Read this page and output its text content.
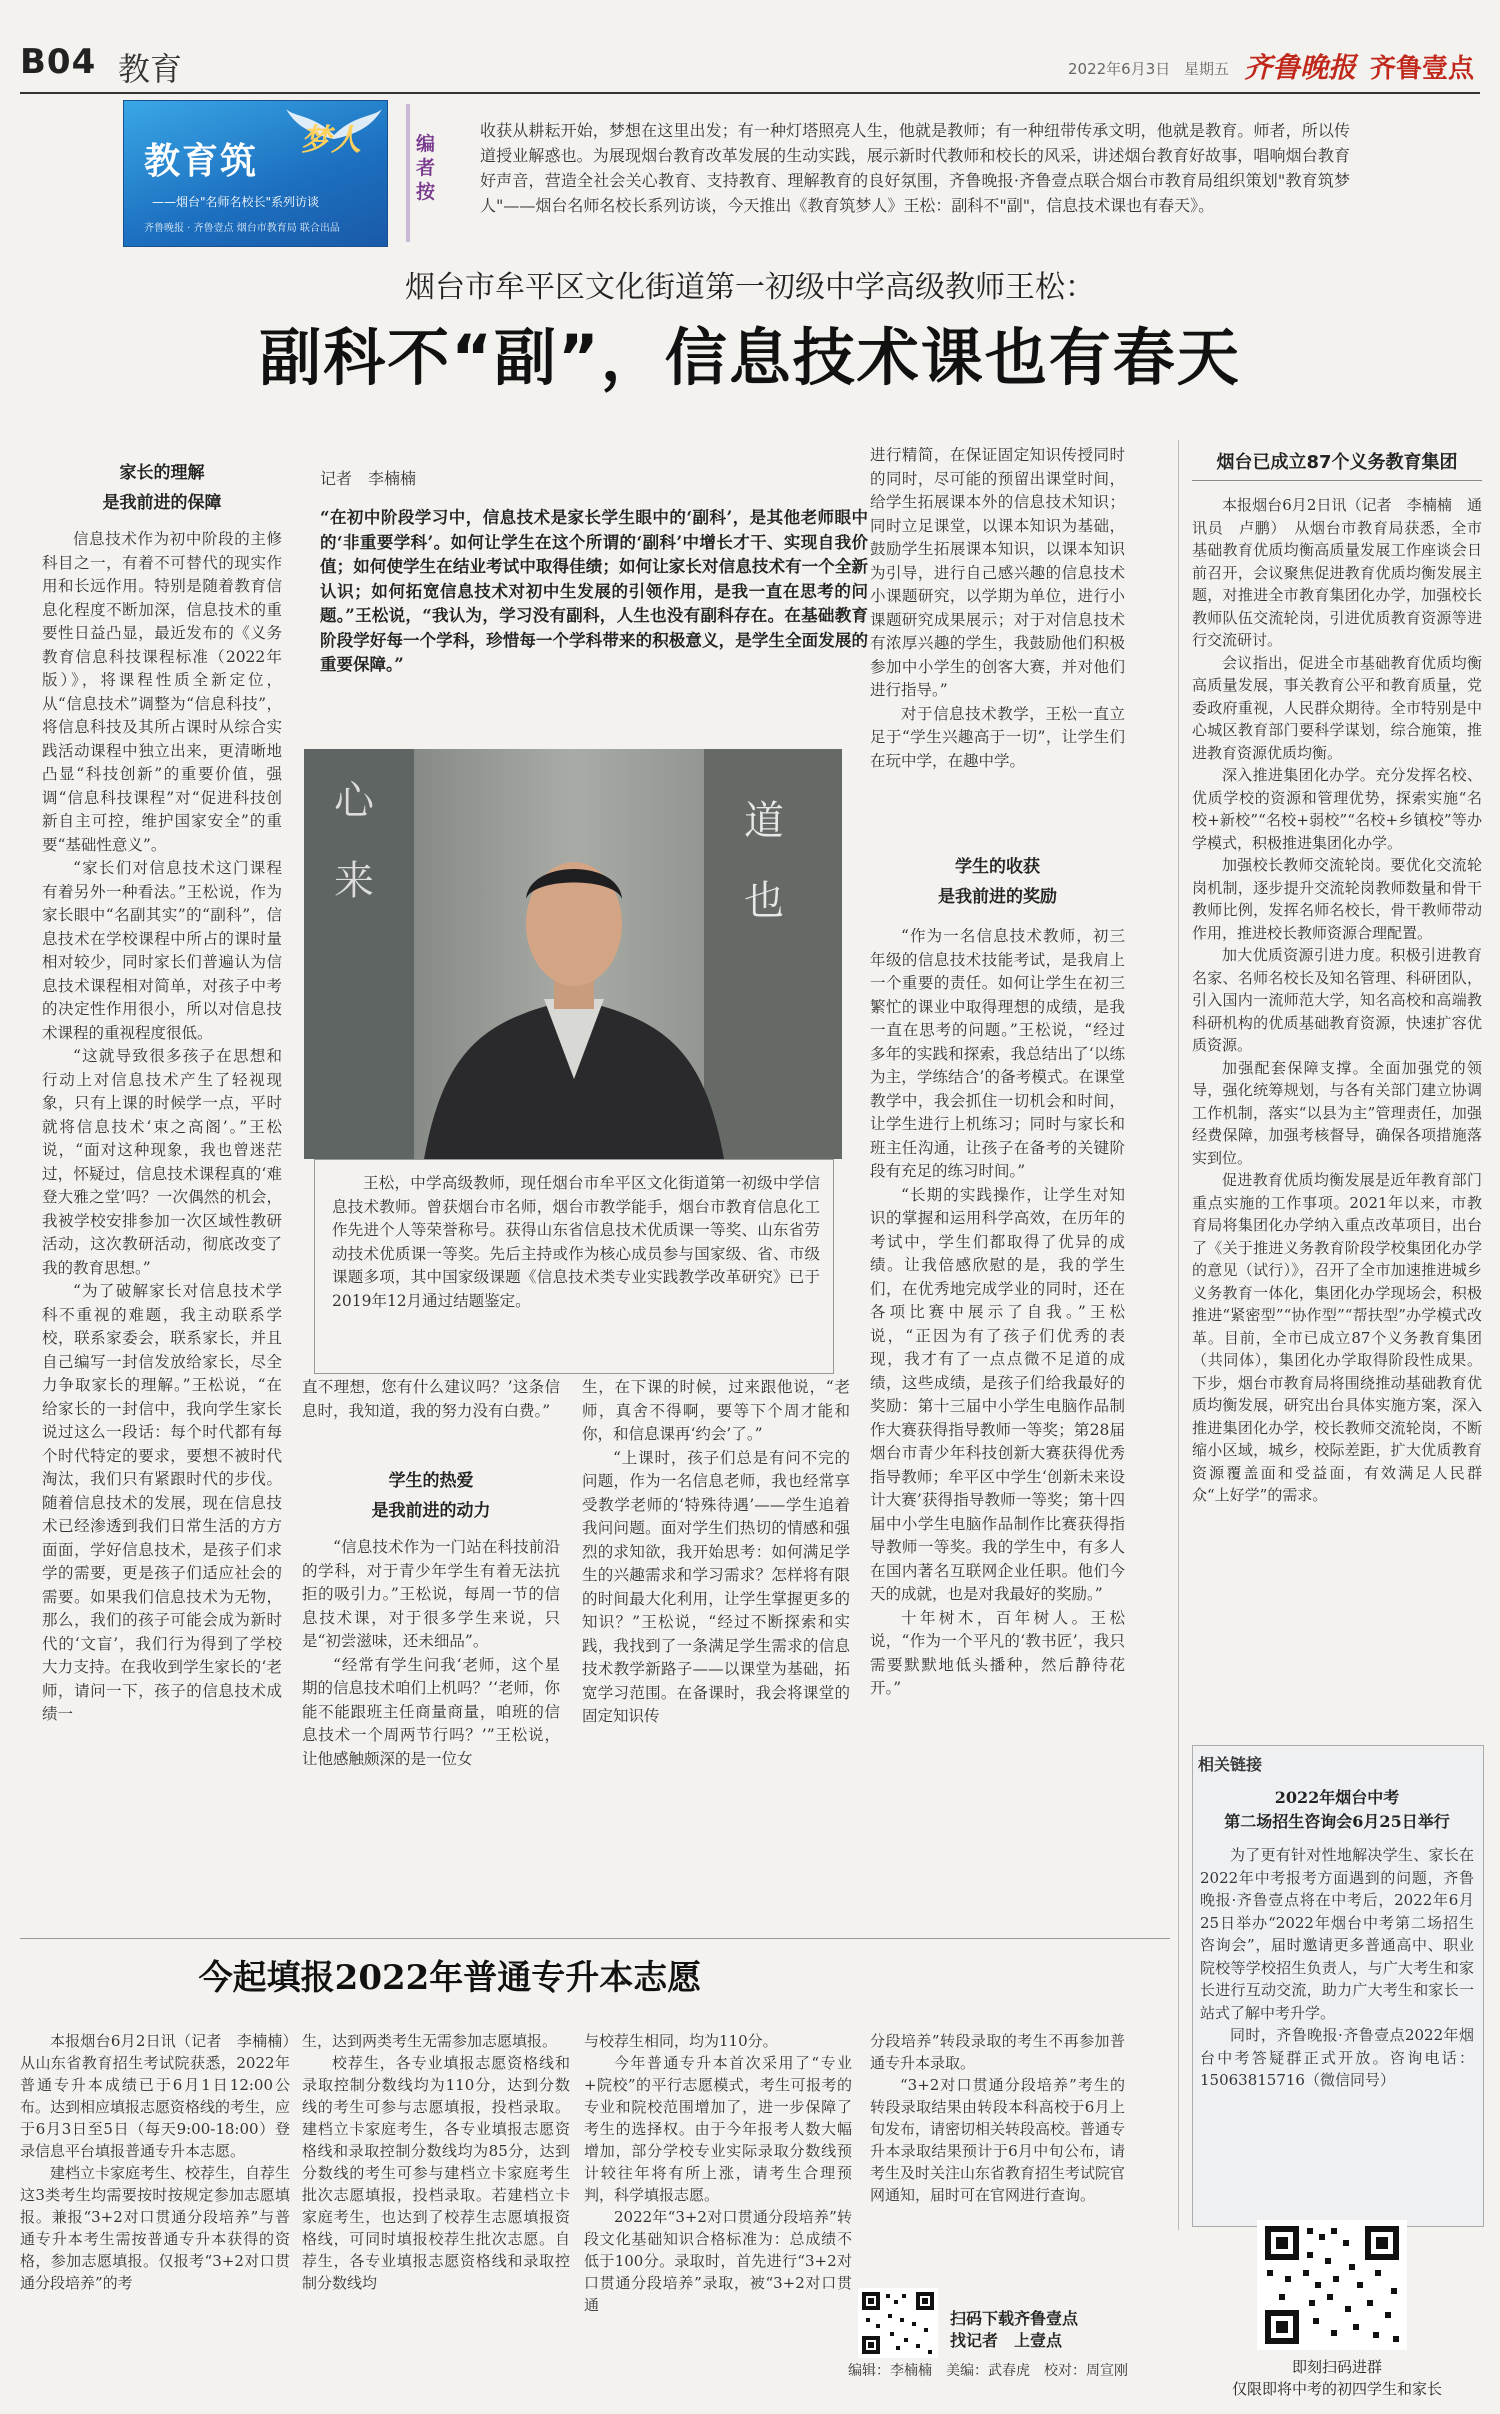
B04 教育	2022年6月3日 星期五 齐鲁晚报 齐鲁壹点
教育筑
梦人
——烟台"名师名校长"系列访谈
齐鲁晚报 · 齐鲁壹点 烟台市教育局 联合出品
编者按
收获从耕耘开始，梦想在这里出发；有一种灯塔照亮人生，他就是教师；有一种纽带传承文明，他就是教育。师者，所以传道授业解惑也。为展现烟台教育改革发展的生动实践，展示新时代教师和校长的风采，讲述烟台教育好故事，唱响烟台教育好声音，营造全社会关心教育、支持教育、理解教育的良好氛围，齐鲁晚报·齐鲁壹点联合烟台市教育局组织策划"教育筑梦人"——烟台名师名校长系列访谈，今天推出《教育筑梦人》王松：副科不"副"，信息技术课也有春天》。
烟台市牟平区文化街道第一初级中学高级教师王松：
副科不“副”，信息技术课也有春天
家长的理解
是我前进的保障

信息技术作为初中阶段的主修科目之一，有着不可替代的现实作用和长远作用。特别是随着教育信息化程度不断加深，信息技术的重要性日益凸显，最近发布的《义务教育信息科技课程标准（2022年版）》，将课程性质全新定位，从“信息技术”调整为“信息科技”，将信息科技及其所占课时从综合实践活动课程中独立出来，更清晰地凸显“科技创新”的重要价值，强调“信息科技课程”对“促进科技创新自主可控，维护国家安全”的重要“基础性意义”。

“家长们对信息技术这门课程有着另外一种看法。”王松说，作为家长眼中“名副其实”的“副科”，信息技术在学校课程中所占的课时量相对较少，同时家长们普遍认为信息技术课程相对简单，对孩子中考的决定性作用很小，所以对信息技术课程的重视程度很低。

“这就导致很多孩子在思想和行动上对信息技术产生了轻视现象，只有上课的时候学一点，平时就将信息技术‘束之高阁’。”王松说，“面对这种现象，我也曾迷茫过，怀疑过，信息技术课程真的‘难登大雅之堂’吗？一次偶然的机会，我被学校安排参加一次区域性教研活动，这次教研活动，彻底改变了我的教育思想。”

“为了破解家长对信息技术学科不重视的难题，我主动联系学校，联系家委会，联系家长，并且自己编写一封信发放给家长，尽全力争取家长的理解。”王松说，“在给家长的一封信中，我向学生家长说过这么一段话：每个时代都有每个时代特定的要求，要想不被时代淘汰，我们只有紧跟时代的步伐。随着信息技术的发展，现在信息技术已经渗透到我们日常生活的方方面面，学好信息技术，是孩子们求学的需要，更是孩子们适应社会的需要。如果我们信息技术为无物，那么，我们的孩子可能会成为新时代的‘文盲’，我们行为得到了学校大力支持。在我收到学生家长的‘老师，请问一下，孩子的信息技术成绩一

记者　李楠楠
“在初中阶段学习中，信息技术是家长学生眼中的‘副科’，是其他老师眼中的‘非重要学科’。如何让学生在这个所谓的‘副科’中增长才干、实现自我价值；如何使学生在结业考试中取得佳绩；如何让家长对信息技术有一个全新认识；如何拓宽信息技术对初中生发展的引领作用，是我一直在思考的问题。”王松说，“我认为，学习没有副科，人生也没有副科存在。在基础教育阶段学好每一个学科，珍惜每一个学科带来的积极意义，是学生全面发展的重要保障。”
心
来
道
也
王松，中学高级教师，现任烟台市牟平区文化街道第一初级中学信息技术教师。曾获烟台市名师，烟台市教学能手，烟台市教育信息化工作先进个人等荣誉称号。获得山东省信息技术优质课一等奖、山东省劳动技术优质课一等奖。先后主持或作为核心成员参与国家级、省、市级课题多项，其中国家级课题《信息技术类专业实践教学改革研究》已于2019年12月通过结题鉴定。

进行精简，在保证固定知识传授同时的同时，尽可能的预留出课堂时间，给学生拓展课本外的信息技术知识；同时立足课堂，以课本知识为基础，鼓励学生拓展课本知识，以课本知识为引导，进行自己感兴趣的信息技术小课题研究，以学期为单位，进行小课题研究成果展示；对于对信息技术有浓厚兴趣的学生，我鼓励他们积极参加中小学生的创客大赛，并对他们进行指导。”

对于信息技术教学，王松一直立足于“学生兴趣高于一切”，让学生们在玩中学，在趣中学。

学生的收获
是我前进的奖励

“作为一名信息技术教师，初三年级的信息技术技能考试，是我肩上一个重要的责任。如何让学生在初三繁忙的课业中取得理想的成绩，是我一直在思考的问题。”王松说，“经过多年的实践和探索，我总结出了‘以练为主，学练结合’的备考模式。在课堂教学中，我会抓住一切机会和时间，让学生进行上机练习；同时与家长和班主任沟通，让孩子在备考的关键阶段有充足的练习时间。”

“长期的实践操作，让学生对知识的掌握和运用科学高效，在历年的考试中，学生们都取得了优异的成绩。让我倍感欣慰的是，我的学生们，在优秀地完成学业的同时，还在各项比赛中展示了自我。”王松说，“正因为有了孩子们优秀的表现，我才有了一点点微不足道的成绩，这些成绩，是孩子们给我最好的奖励：第十三届中小学生电脑作品制作大赛获得指导教师一等奖；第28届烟台市青少年科技创新大赛获得优秀指导教师；牟平区中学生‘创新未来设计大赛’获得指导教师一等奖；第十四届中小学生电脑作品制作比赛获得指导教师一等奖。我的学生中，有多人在国内著名互联网企业任职。他们今天的成就，也是对我最好的奖励。”

十年树木，百年树人。王松说，“作为一个平凡的‘教书匠’，我只需要默默地低头播种，然后静待花开。”

直不理想，您有什么建议吗？’这条信息时，我知道，我的努力没有白费。”

学生的热爱
是我前进的动力

“信息技术作为一门站在科技前沿的学科，对于青少年学生有着无法抗拒的吸引力。”王松说，每周一节的信息技术课，对于很多学生来说，只是“初尝滋味，还未细品”。

“经常有学生问我‘老师，这个星期的信息技术咱们上机吗？’‘老师，你能不能跟班主任商量商量，咱班的信息技术一个周两节行吗？’”王松说，让他感触颇深的是一位女

生，在下课的时候，过来跟他说，“老师，真舍不得啊，要等下个周才能和你，和信息课再‘约会’了。”

“上课时，孩子们总是有问不完的问题，作为一名信息老师，我也经常享受教学老师的‘特殊待遇’——学生追着我问问题。面对学生们热切的情感和强烈的求知欲，我开始思考：如何满足学生的兴趣需求和学习需求？怎样将有限的时间最大化利用，让学生掌握更多的知识？”王松说，“经过不断探索和实践，我找到了一条满足学生需求的信息技术教学新路子——以课堂为基础，拓宽学习范围。在备课时，我会将课堂的固定知识传

烟台已成立87个义务教育集团

本报烟台6月2日讯（记者　李楠楠　通讯员　卢鹏）　从烟台市教育局获悉，全市基础教育优质均衡高质量发展工作座谈会日前召开，会议聚焦促进教育优质均衡发展主题，对推进全市教育集团化办学，加强校长教师队伍交流轮岗，引进优质教育资源等进行交流研讨。

会议指出，促进全市基础教育优质均衡高质量发展，事关教育公平和教育质量，党委政府重视，人民群众期待。全市特别是中心城区教育部门要科学谋划，综合施策，推进教育资源优质均衡。

深入推进集团化办学。充分发挥名校、优质学校的资源和管理优势，探索实施“名校+新校”“名校+弱校”“名校+乡镇校”等办学模式，积极推进集团化办学。

加强校长教师交流轮岗。要优化交流轮岗机制，逐步提升交流轮岗教师数量和骨干教师比例，发挥名师名校长，骨干教师带动作用，推进校长教师资源合理配置。

加大优质资源引进力度。积极引进教育名家、名师名校长及知名管理、科研团队，引入国内一流师范大学，知名高校和高端教科研机构的优质基础教育资源，快速扩容优质资源。

加强配套保障支撑。全面加强党的领导，强化统筹规划，与各有关部门建立协调工作机制，落实“以县为主”管理责任，加强经费保障，加强考核督导，确保各项措施落实到位。

促进教育优质均衡发展是近年教育部门重点实施的工作事项。2021年以来，市教育局将集团化办学纳入重点改革项目，出台了《关于推进义务教育阶段学校集团化办学的意见（试行）》，召开了全市加速推进城乡义务教育一体化，集团化办学现场会，积极推进“紧密型”“协作型”“帮扶型”办学模式改革。目前，全市已成立87个义务教育集团（共同体），集团化办学取得阶段性成果。下步，烟台市教育局将围绕推动基础教育优质均衡发展，研究出台具体实施方案，深入推进集团化办学，校长教师交流轮岗，不断缩小区域，城乡，校际差距，扩大优质教育资源覆盖面和受益面，有效满足人民群众“上好学”的需求。

相关链接
2022年烟台中考
第二场招生咨询会6月25日举行

为了更有针对性地解决学生、家长在2022年中考报考方面遇到的问题，齐鲁晚报·齐鲁壹点将在中考后，2022年6月25日举办“2022年烟台中考第二场招生咨询会”，届时邀请更多普通高中、职业院校等学校招生负责人，与广大考生和家长进行互动交流，助力广大考生和家长一站式了解中考升学。

同时，齐鲁晚报·齐鲁壹点2022年烟台中考答疑群正式开放。咨询电话：15063815716（微信同号）

即刻扫码进群
仅限即将中考的初四学生和家长
今起填报2022年普通专升本志愿

本报烟台6月2日讯（记者　李楠楠）　从山东省教育招生考试院获悉，2022年普通专升本成绩已于6月1日12:00公布。达到相应填报志愿资格线的考生，应于6月3日至5日（每天9:00-18:00）登录信息平台填报普通专升本志愿。

建档立卡家庭考生、校荐生，自荐生这3类考生均需要按时按规定参加志愿填报。兼报“3+2对口贯通分段培养”与普通专升本考生需按普通专升本获得的资格，参加志愿填报。仅报考“3+2对口贯通分段培养”的考

生，达到两类考生无需参加志愿填报。

校荐生，各专业填报志愿资格线和录取控制分数线均为110分，达到分数线的考生可参与志愿填报，投档录取。建档立卡家庭考生，各专业填报志愿资格线和录取控制分数线均为85分，达到分数线的考生可参与建档立卡家庭考生批次志愿填报，投档录取。若建档立卡家庭考生，也达到了校荐生志愿填报资格线，可同时填报校荐生批次志愿。自荐生，各专业填报志愿资格线和录取控制分数线均

与校荐生相同，均为110分。

今年普通专升本首次采用了“专业+院校”的平行志愿模式，考生可报考的专业和院校范围增加了，进一步保障了考生的选择权。由于今年报考人数大幅增加，部分学校专业实际录取分数线预计较往年将有所上涨，请考生合理预判，科学填报志愿。

2022年“3+2对口贯通分段培养”转段文化基础知识合格标准为：总成绩不低于100分。录取时，首先进行“3+2对口贯通分段培养”录取，被“3+2对口贯通

分段培养”转段录取的考生不再参加普通专升本录取。

“3+2对口贯通分段培养”考生的转段录取结果由转段本科高校于6月上旬发布，请密切相关转段高校。普通专升本录取结果预计于6月中旬公布，请考生及时关注山东省教育招生考试院官网通知，届时可在官网进行查询。

扫码下载齐鲁壹点
找记者　上壹点
编辑：李楠楠　美编：武春虎　校对：周宣刚
